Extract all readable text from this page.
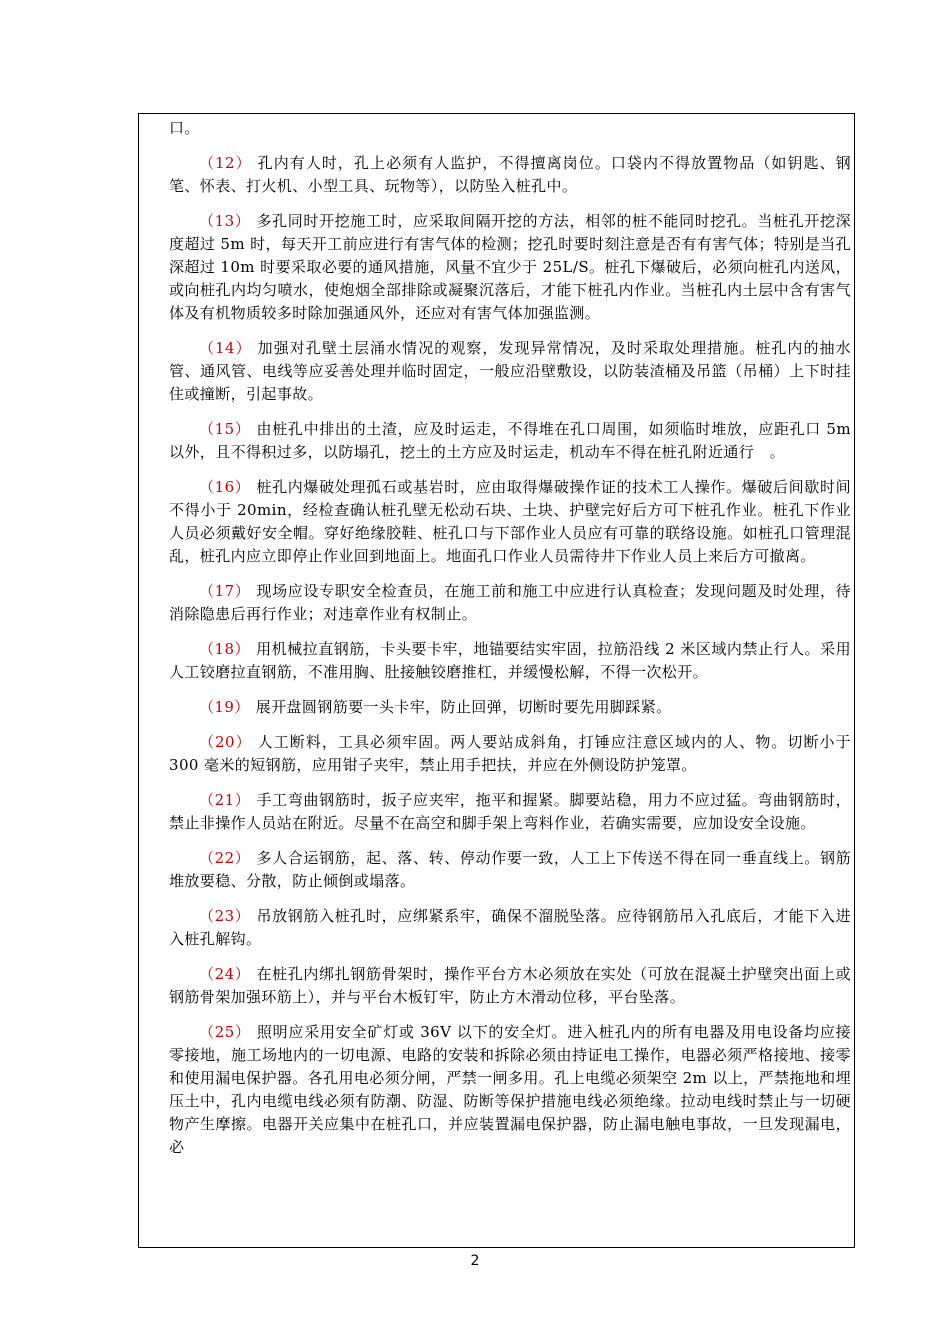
口。

（12） 孔内有人时，孔上必须有人监护，不得擅离岗位。口袋内不得放置物品（如钥匙、钢笔、怀表、打火机、小型工具、玩物等），以防坠入桩孔中。

（13） 多孔同时开挖施工时，应采取间隔开挖的方法，相邻的桩不能同时挖孔。当桩孔开挖深度超过 5m 时，每天开工前应进行有害气体的检测；挖孔时要时刻注意是否有有害气体；特别是当孔深超过 10m 时要采取必要的通风措施，风量不宜少于 25L/S。桩孔下爆破后，必须向桩孔内送风，或向桩孔内均匀喷水，使炮烟全部排除或凝聚沉落后，才能下桩孔内作业。当桩孔内土层中含有害气体及有机物质较多时除加强通风外，还应对有害气体加强监测。

（14） 加强对孔壁土层涌水情况的观察，发现异常情况，及时采取处理措施。桩孔内的抽水管、通风管、电线等应妥善处理并临时固定，一般应沿壁敷设，以防装渣桶及吊篮（吊桶）上下时挂住或撞断，引起事故。

（15） 由桩孔中排出的土渣，应及时运走，不得堆在孔口周围，如须临时堆放，应距孔口 5m 以外，且不得积过多，以防塌孔，挖土的土方应及时运走，机动车不得在桩孔附近通行　。

（16） 桩孔内爆破处理孤石或基岩时，应由取得爆破操作证的技术工人操作。爆破后间歇时间不得小于 20min，经检查确认桩孔壁无松动石块、土块、护壁完好后方可下桩孔作业。桩孔下作业人员必须戴好安全帽。穿好绝缘胶鞋、桩孔口与下部作业人员应有可靠的联络设施。如桩孔口管理混乱，桩孔内应立即停止作业回到地面上。地面孔口作业人员需待井下作业人员上来后方可撤离。

（17） 现场应设专职安全检查员，在施工前和施工中应进行认真检查；发现问题及时处理，待消除隐患后再行作业；对违章作业有权制止。

（18） 用机械拉直钢筋，卡头要卡牢，地锚要结实牢固，拉筋沿线 2 米区域内禁止行人。采用人工铰磨拉直钢筋，不准用胸、肚接触铰磨推杠，并缓慢松解，不得一次松开。

（19） 展开盘圆钢筋要一头卡牢，防止回弹，切断时要先用脚踩紧。

（20） 人工断料，工具必须牢固。两人要站成斜角，打锤应注意区域内的人、物。切断小于 300 毫米的短钢筋，应用钳子夹牢，禁止用手把扶，并应在外侧设防护笼罩。

（21） 手工弯曲钢筋时，扳子应夹牢，拖平和握紧。脚要站稳，用力不应过猛。弯曲钢筋时，禁止非操作人员站在附近。尽量不在高空和脚手架上弯料作业，若确实需要，应加设安全设施。

（22） 多人合运钢筋，起、落、转、停动作要一致，人工上下传送不得在同一垂直线上。钢筋堆放要稳、分散，防止倾倒或塌落。

（23） 吊放钢筋入桩孔时，应绑紧系牢，确保不溜脱坠落。应待钢筋吊入孔底后，才能下入进入桩孔解钩。

（24） 在桩孔内绑扎钢筋骨架时，操作平台方木必须放在实处（可放在混凝土护壁突出面上或钢筋骨架加强环筋上），并与平台木板钉牢，防止方木滑动位移，平台坠落。

（25） 照明应采用安全矿灯或 36V 以下的安全灯。进入桩孔内的所有电器及用电设备均应接零接地，施工场地内的一切电源、电路的安装和拆除必须由持证电工操作，电器必须严格接地、接零和使用漏电保护器。各孔用电必须分闸，严禁一闸多用。孔上电缆必须架空 2m 以上，严禁拖地和埋压土中，孔内电缆电线必须有防潮、防湿、防断等保护措施电线必须绝缘。拉动电线时禁止与一切硬物产生摩擦。电器开关应集中在桩孔口，并应装置漏电保护器，防止漏电触电事故，一旦发现漏电，必

2
